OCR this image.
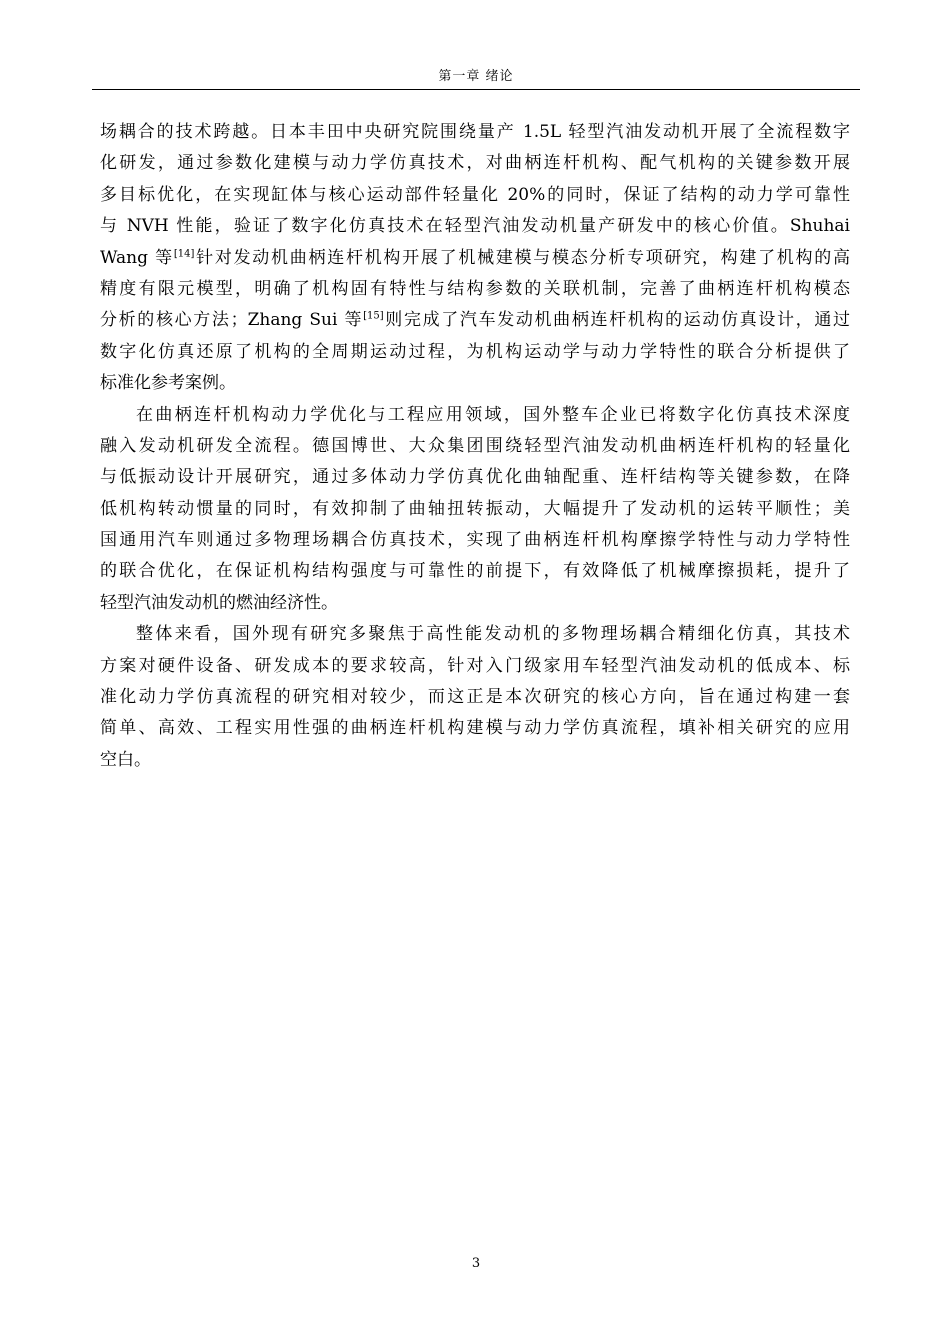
第一章 绪论
场耦合的技术跨越。日本丰田中央研究院围绕量产 1.5L 轻型汽油发动机开展了全流程数字
化研发，通过参数化建模与动力学仿真技术，对曲柄连杆机构、配气机构的关键参数开展
多目标优化，在实现缸体与核心运动部件轻量化 20%的同时，保证了结构的动力学可靠性
与 NVH 性能，验证了数字化仿真技术在轻型汽油发动机量产研发中的核心价值。Shuhai
Wang 等[14]针对发动机曲柄连杆机构开展了机械建模与模态分析专项研究，构建了机构的高
精度有限元模型，明确了机构固有特性与结构参数的关联机制，完善了曲柄连杆机构模态
分析的核心方法；Zhang Sui 等[15]则完成了汽车发动机曲柄连杆机构的运动仿真设计，通过
数字化仿真还原了机构的全周期运动过程，为机构运动学与动力学特性的联合分析提供了
标准化参考案例。
在曲柄连杆机构动力学优化与工程应用领域，国外整车企业已将数字化仿真技术深度
融入发动机研发全流程。德国博世、大众集团围绕轻型汽油发动机曲柄连杆机构的轻量化
与低振动设计开展研究，通过多体动力学仿真优化曲轴配重、连杆结构等关键参数，在降
低机构转动惯量的同时，有效抑制了曲轴扭转振动，大幅提升了发动机的运转平顺性；美
国通用汽车则通过多物理场耦合仿真技术，实现了曲柄连杆机构摩擦学特性与动力学特性
的联合优化，在保证机构结构强度与可靠性的前提下，有效降低了机械摩擦损耗，提升了
轻型汽油发动机的燃油经济性。
整体来看，国外现有研究多聚焦于高性能发动机的多物理场耦合精细化仿真，其技术
方案对硬件设备、研发成本的要求较高，针对入门级家用车轻型汽油发动机的低成本、标
准化动力学仿真流程的研究相对较少，而这正是本次研究的核心方向，旨在通过构建一套
简单、高效、工程实用性强的曲柄连杆机构建模与动力学仿真流程，填补相关研究的应用
空白。
3
